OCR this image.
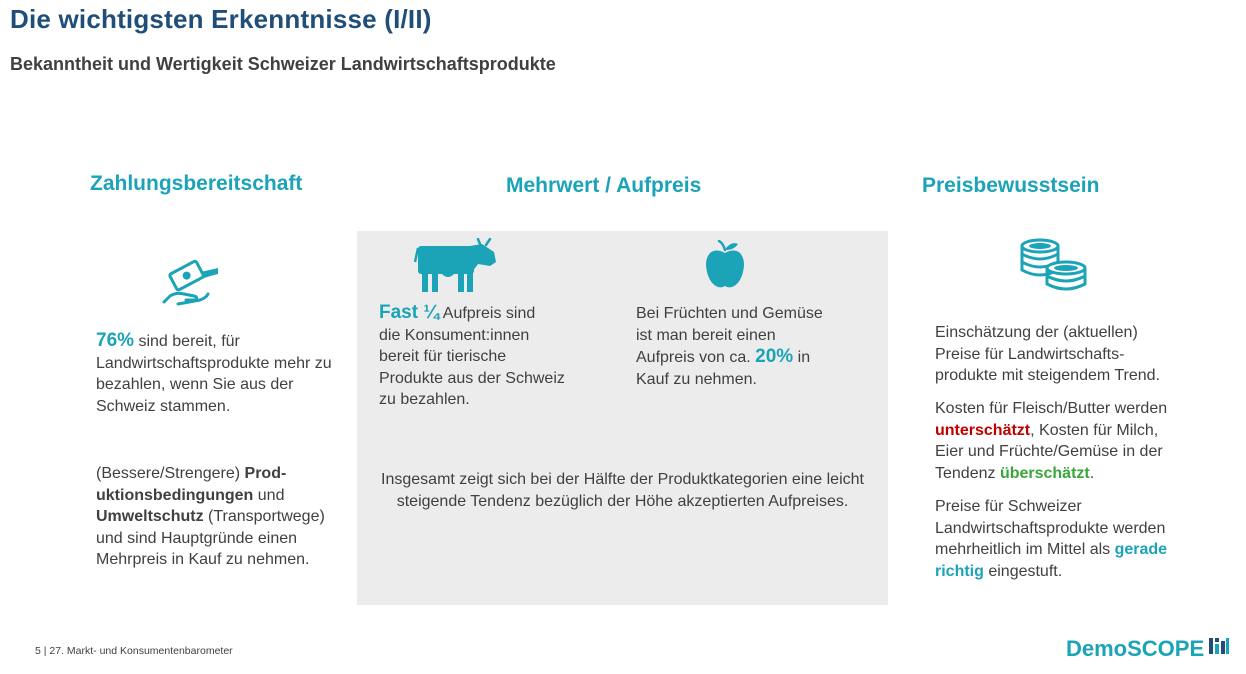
Die wichtigsten Erkenntnisse (I/II)
Bekanntheit und Wertigkeit Schweizer Landwirtschaftsprodukte
Zahlungsbereitschaft
76% sind bereit, für
Landwirtschaftsprodukte mehr zu
bezahlen, wenn Sie aus der
Schweiz stammen.
(Bessere/Strengere) Prod-
uktionsbedingungen und
Umweltschutz (Transportwege)
und sind Hauptgründe einen
Mehrpreis in Kauf zu nehmen.
Mehrwert / Aufpreis
Fast ¼ Aufpreis sind
die Konsument:innen
bereit für tierische
Produkte aus der Schweiz
zu bezahlen.
Bei Früchten und Gemüse
ist man bereit einen
Aufpreis von ca. 20% in
Kauf zu nehmen.
Insgesamt zeigt sich bei der Hälfte der Produktkategorien eine leicht
steigende Tendenz bezüglich der Höhe akzeptierten Aufpreises.
Preisbewusstsein
Einschätzung der (aktuellen)
Preise für Landwirtschafts-
produkte mit steigendem Trend.
Kosten für Fleisch/Butter werden
unterschätzt, Kosten für Milch,
Eier und Früchte/Gemüse in der
Tendenz überschätzt.
Preise für Schweizer
Landwirtschaftsprodukte werden
mehrheitlich im Mittel als gerade
richtig eingestuft.
5 | 27. Markt- und Konsumentenbarometer	DemoSCOPE
